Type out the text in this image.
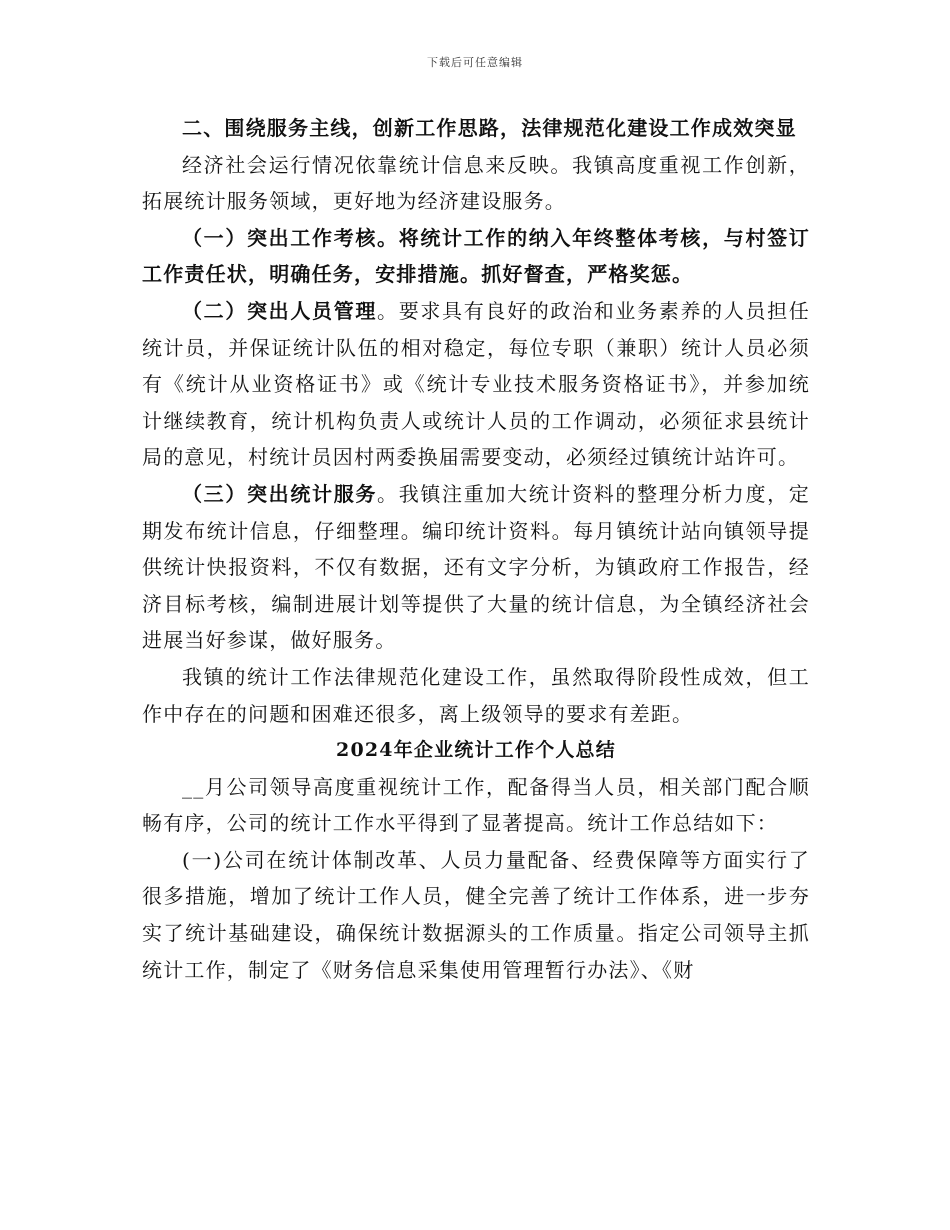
下载后可任意编辑

二、围绕服务主线，创新工作思路，法律规范化建设工作成效突显

经济社会运行情况依靠统计信息来反映。我镇高度重视工作创新，拓展统计服务领域，更好地为经济建设服务。

（一）突出工作考核。将统计工作的纳入年终整体考核，与村签订工作责任状，明确任务，安排措施。抓好督查，严格奖惩。

（二）突出人员管理。要求具有良好的政治和业务素养的人员担任统计员，并保证统计队伍的相对稳定，每位专职（兼职）统计人员必须有《统计从业资格证书》或《统计专业技术服务资格证书》，并参加统计继续教育，统计机构负责人或统计人员的工作调动，必须征求县统计局的意见，村统计员因村两委换届需要变动，必须经过镇统计站许可。

（三）突出统计服务。我镇注重加大统计资料的整理分析力度，定期发布统计信息，仔细整理。编印统计资料。每月镇统计站向镇领导提供统计快报资料，不仅有数据，还有文字分析，为镇政府工作报告，经济目标考核，编制进展计划等提供了大量的统计信息，为全镇经济社会进展当好参谋，做好服务。

我镇的统计工作法律规范化建设工作，虽然取得阶段性成效，但工作中存在的问题和困难还很多，离上级领导的要求有差距。

2024年企业统计工作个人总结

__月公司领导高度重视统计工作，配备得当人员，相关部门配合顺畅有序，公司的统计工作水平得到了显著提高。统计工作总结如下：

(一)公司在统计体制改革、人员力量配备、经费保障等方面实行了很多措施，增加了统计工作人员，健全完善了统计工作体系，进一步夯实了统计基础建设，确保统计数据源头的工作质量。指定公司领导主抓统计工作，制定了《财务信息采集使用管理暂行办法》、《财
